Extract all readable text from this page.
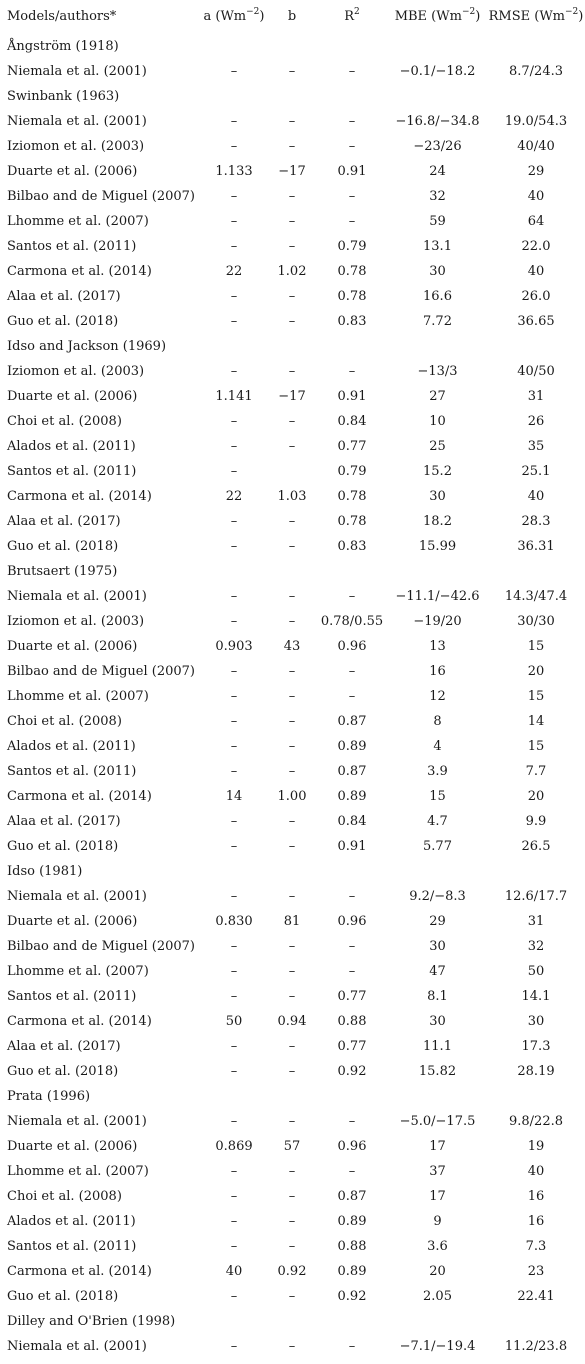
Models/authors*	a $(Wm^{-2})$	b	$R^2$	MBE $(Wm^{-2})$	RMSE $(Wm^{-2})$
Ångström (1918)					
Niemala et al. (2001)	–	–	–	−0.1/−18.2	8.7/24.3
Swinbank (1963)					
Niemala et al. (2001)	–	–	–	−16.8/−34.8	19.0/54.3
Iziomon et al. (2003)	–	–	–	−23/26	40/40
Duarte et al. (2006)	1.133	−17	0.91	24	29
Bilbao and de Miguel (2007)	–	–	–	32	40
Lhomme et al. (2007)	–	–	–	59	64
Santos et al. (2011)	–	–	0.79	13.1	22.0
Carmona et al. (2014)	22	1.02	0.78	30	40
Alaa et al. (2017)	–	–	0.78	16.6	26.0
Guo et al. (2018)	–	–	0.83	7.72	36.65
Idso and Jackson (1969)					
Iziomon et al. (2003)	–	–	–	−13/3	40/50
Duarte et al. (2006)	1.141	−17	0.91	27	31
Choi et al. (2008)	–	–	0.84	10	26
Alados et al. (2011)	–	–	0.77	25	35
Santos et al. (2011)	–		0.79	15.2	25.1
Carmona et al. (2014)	22	1.03	0.78	30	40
Alaa et al. (2017)	–	–	0.78	18.2	28.3
Guo et al. (2018)	–	–	0.83	15.99	36.31
Brutsaert (1975)					
Niemala et al. (2001)	–	–	–	−11.1/−42.6	14.3/47.4
Iziomon et al. (2003)	–	–	0.78/0.55	−19/20	30/30
Duarte et al. (2006)	0.903	43	0.96	13	15
Bilbao and de Miguel (2007)	–	–	–	16	20
Lhomme et al. (2007)	–	–	–	12	15
Choi et al. (2008)	–	–	0.87	8	14
Alados et al. (2011)	–	–	0.89	4	15
Santos et al. (2011)	–	–	0.87	3.9	7.7
Carmona et al. (2014)	14	1.00	0.89	15	20
Alaa et al. (2017)	–	–	0.84	4.7	9.9
Guo et al. (2018)	–	–	0.91	5.77	26.5
Idso (1981)					
Niemala et al. (2001)	–	–	–	9.2/−8.3	12.6/17.7
Duarte et al. (2006)	0.830	81	0.96	29	31
Bilbao and de Miguel (2007)	–	–	–	30	32
Lhomme et al. (2007)	–	–	–	47	50
Santos et al. (2011)	–	–	0.77	8.1	14.1
Carmona et al. (2014)	50	0.94	0.88	30	30
Alaa et al. (2017)	–	–	0.77	11.1	17.3
Guo et al. (2018)	–	–	0.92	15.82	28.19
Prata (1996)					
Niemala et al. (2001)	–	–	–	−5.0/−17.5	9.8/22.8
Duarte et al. (2006)	0.869	57	0.96	17	19
Lhomme et al. (2007)	–	–	–	37	40
Choi et al. (2008)	–	–	0.87	17	16
Alados et al. (2011)	–	–	0.89	9	16
Santos et al. (2011)	–	–	0.88	3.6	7.3
Carmona et al. (2014)	40	0.92	0.89	20	23
Guo et al. (2018)	–	–	0.92	2.05	22.41
Dilley and O'Brien (1998)					
Niemala et al. (2001)	–	–	–	−7.1/−19.4	11.2/23.8
